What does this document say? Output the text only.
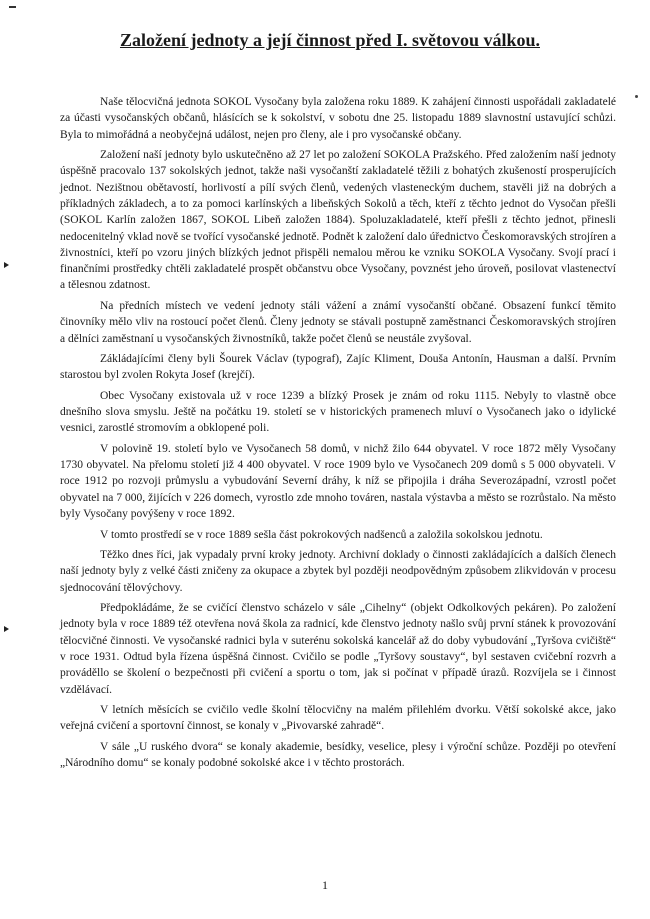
Založení jednoty a její činnost před I. světovou válkou.

Naše tělocvičná jednota SOKOL Vysočany byla založena roku 1889. K zahájení činnosti uspořádali zakladatelé za účasti vysočanských občanů, hlásících se k sokolství, v sobotu dne 25. listopadu 1889 slavnostní ustavující schůzi. Byla to mimořádná a neobyčejná událost, nejen pro členy, ale i pro vysočanské občany.

Založení naší jednoty bylo uskutečněno až 27 let po založení SOKOLA Pražského. Před založením naší jednoty úspěšně pracovalo 137 sokolských jednot, takže naši vysočanští zakladatelé těžili z bohatých zkušeností prosperujících jednot. Nezištnou obětavostí, horlivostí a pílí svých členů, vedených vlasteneckým duchem, stavěli již na dobrých a příkladných základech, a to za pomoci karlínských a libeňských Sokolů a těch, kteří z těchto jednot do Vysočan přešli (SOKOL Karlín založen 1867, SOKOL Libeň založen 1884). Spoluzakladatelé, kteří přešli z těchto jednot, přinesli nedocenitelný vklad nově se tvořící vysočanské jednotě. Podnět k založení dalo úřednictvo Českomoravských strojíren a živnostníci, kteří po vzoru jiných blízkých jednot přispěli nemalou měrou ke vzniku SOKOLA Vysočany. Svojí prací i finančními prostředky chtěli zakladatelé prospět občanstvu obce Vysočany, povznést jeho úroveň, posilovat vlastenectví a tělesnou zdatnost.

Na předních místech ve vedení jednoty stáli vážení a známí vysočanští občané. Obsazení funkcí těmito činovníky mělo vliv na rostoucí počet členů. Členy jednoty se stávali postupně zaměstnanci Českomoravských strojíren a dělníci zaměstnaní u vysočanských živnostníků, takže počet členů se neustále zvyšoval.

Zákládajícími členy byli Šourek Václav (typograf), Zajíc Kliment, Douša Antonín, Hausman a další. Prvním starostou byl zvolen Rokyta Josef (krejčí).

Obec Vysočany existovala už v roce 1239 a blízký Prosek je znám od roku 1115. Nebyly to vlastně obce dnešního slova smyslu. Ještě na počátku 19. století se v historických pramenech mluví o Vysočanech jako o idylické vesnici, zarostlé stromovím a obklopené poli.

V polovině 19. století bylo ve Vysočanech 58 domů, v nichž žilo 644 obyvatel. V roce 1872 měly Vysočany 1730 obyvatel. Na přelomu století již 4 400 obyvatel. V roce 1909 bylo ve Vysočanech 209 domů s 5 000 obyvateli. V roce 1912 po rozvoji průmyslu a vybudování Severní dráhy, k níž se připojila i dráha Severozápadní, vzrostl počet obyvatel na 7 000, žijících v 226 domech, vyrostlo zde mnoho továren, nastala výstavba a město se rozrůstalo. Na město byly Vysočany povýšeny v roce 1892.

V tomto prostředí se v roce 1889 sešla část pokrokových nadšenců a založila sokolskou jednotu.

Těžko dnes říci, jak vypadaly první kroky jednoty. Archivní doklady o činnosti zakládajících a dalších členech naší jednoty byly z velké části zničeny za okupace a zbytek byl později neodpovědným způsobem zlikvidován v procesu sjednocování tělovýchovy.

Předpokládáme, že se cvičící členstvo scházelo v sále „Cihelny“ (objekt Odkolkových pekáren). Po založení jednoty byla v roce 1889 též otevřena nová škola za radnicí, kde členstvo jednoty našlo svůj první stánek k provozování tělocvičné činnosti. Ve vysočanské radnici byla v suterénu sokolská kancelář až do doby vybudování „Tyršova cvičiště“ v roce 1931. Odtud byla řízena úspěšná činnost. Cvičilo se podle „Tyršovy soustavy“, byl sestaven cvičební rozvrh a prováděllo se školení o bezpečnosti při cvičení a sportu o tom, jak si počínat v případě úrazů. Rozvíjela se i činnost vzdělávací.

V letních měsících se cvičilo vedle školní tělocvičny na malém přilehlém dvorku. Větší sokolské akce, jako veřejná cvičení a sportovní činnost, se konaly v „Pivovarské zahradě“.

V sále „U ruského dvora“ se konaly akademie, besídky, veselice, plesy i výroční schůze. Později po otevření „Národního domu“ se konaly podobné sokolské akce i v těchto prostorách.

1
